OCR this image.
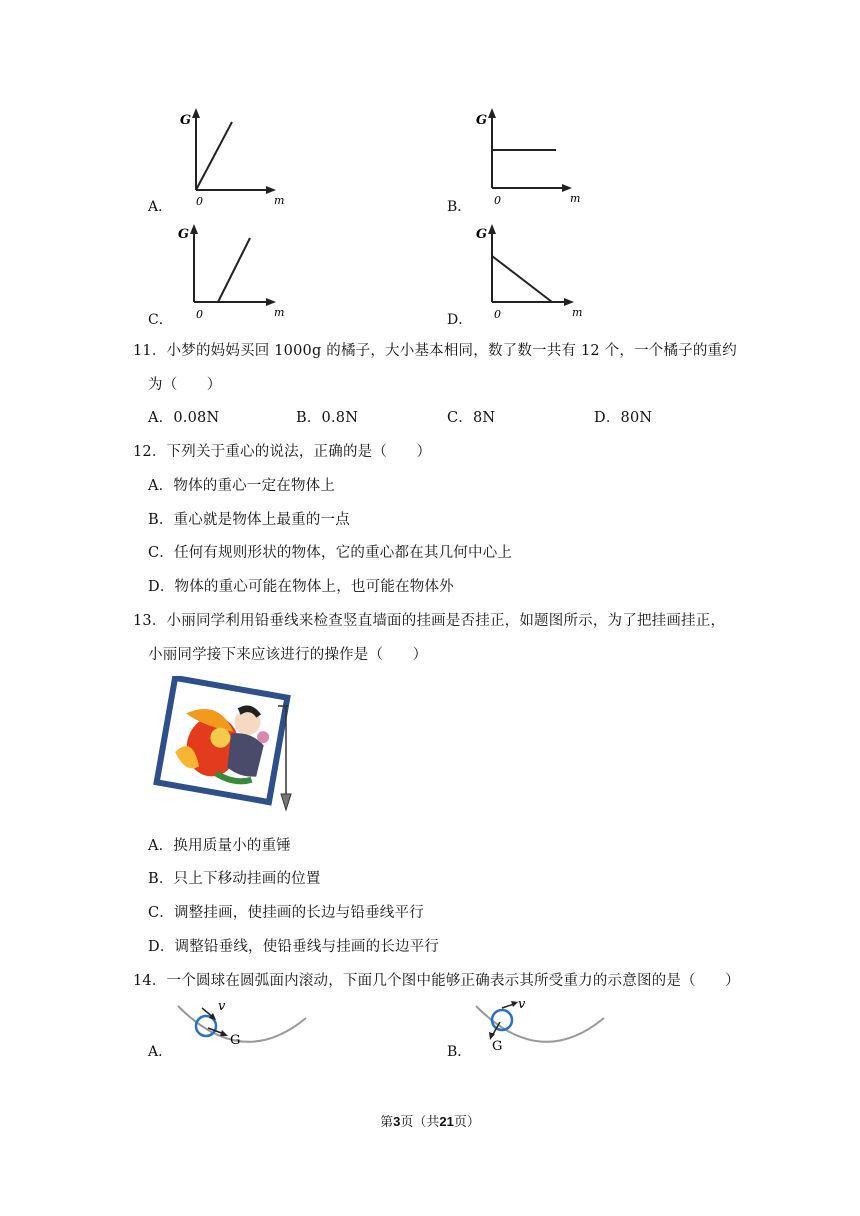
G
m
0
A．
G
m
0
B．
G
m
0
C．
G
m
0
D．
11．小梦的妈妈买回 1000g 的橘子，大小基本相同，数了数一共有 12 个，一个橘子的重约
为（　　）
A．0.08N	B．0.8N	C．8N	D．80N
12．下列关于重心的说法，正确的是（　　）
A．物体的重心一定在物体上
B．重心就是物体上最重的一点
C．任何有规则形状的物体，它的重心都在其几何中心上
D．物体的重心可能在物体上，也可能在物体外
13．小丽同学利用铅垂线来检查竖直墙面的挂画是否挂正，如题图所示，为了把挂画挂正，
小丽同学接下来应该进行的操作是（　　）
A．换用质量小的重锤
B．只上下移动挂画的位置
C．调整挂画，使挂画的长边与铅垂线平行
D．调整铅垂线，使铅垂线与挂画的长边平行
14．一个圆球在圆弧面内滚动，下面几个图中能够正确表示其所受重力的示意图的是（　　）
v
G
A．
v
G
B．
第3页（共21页）
